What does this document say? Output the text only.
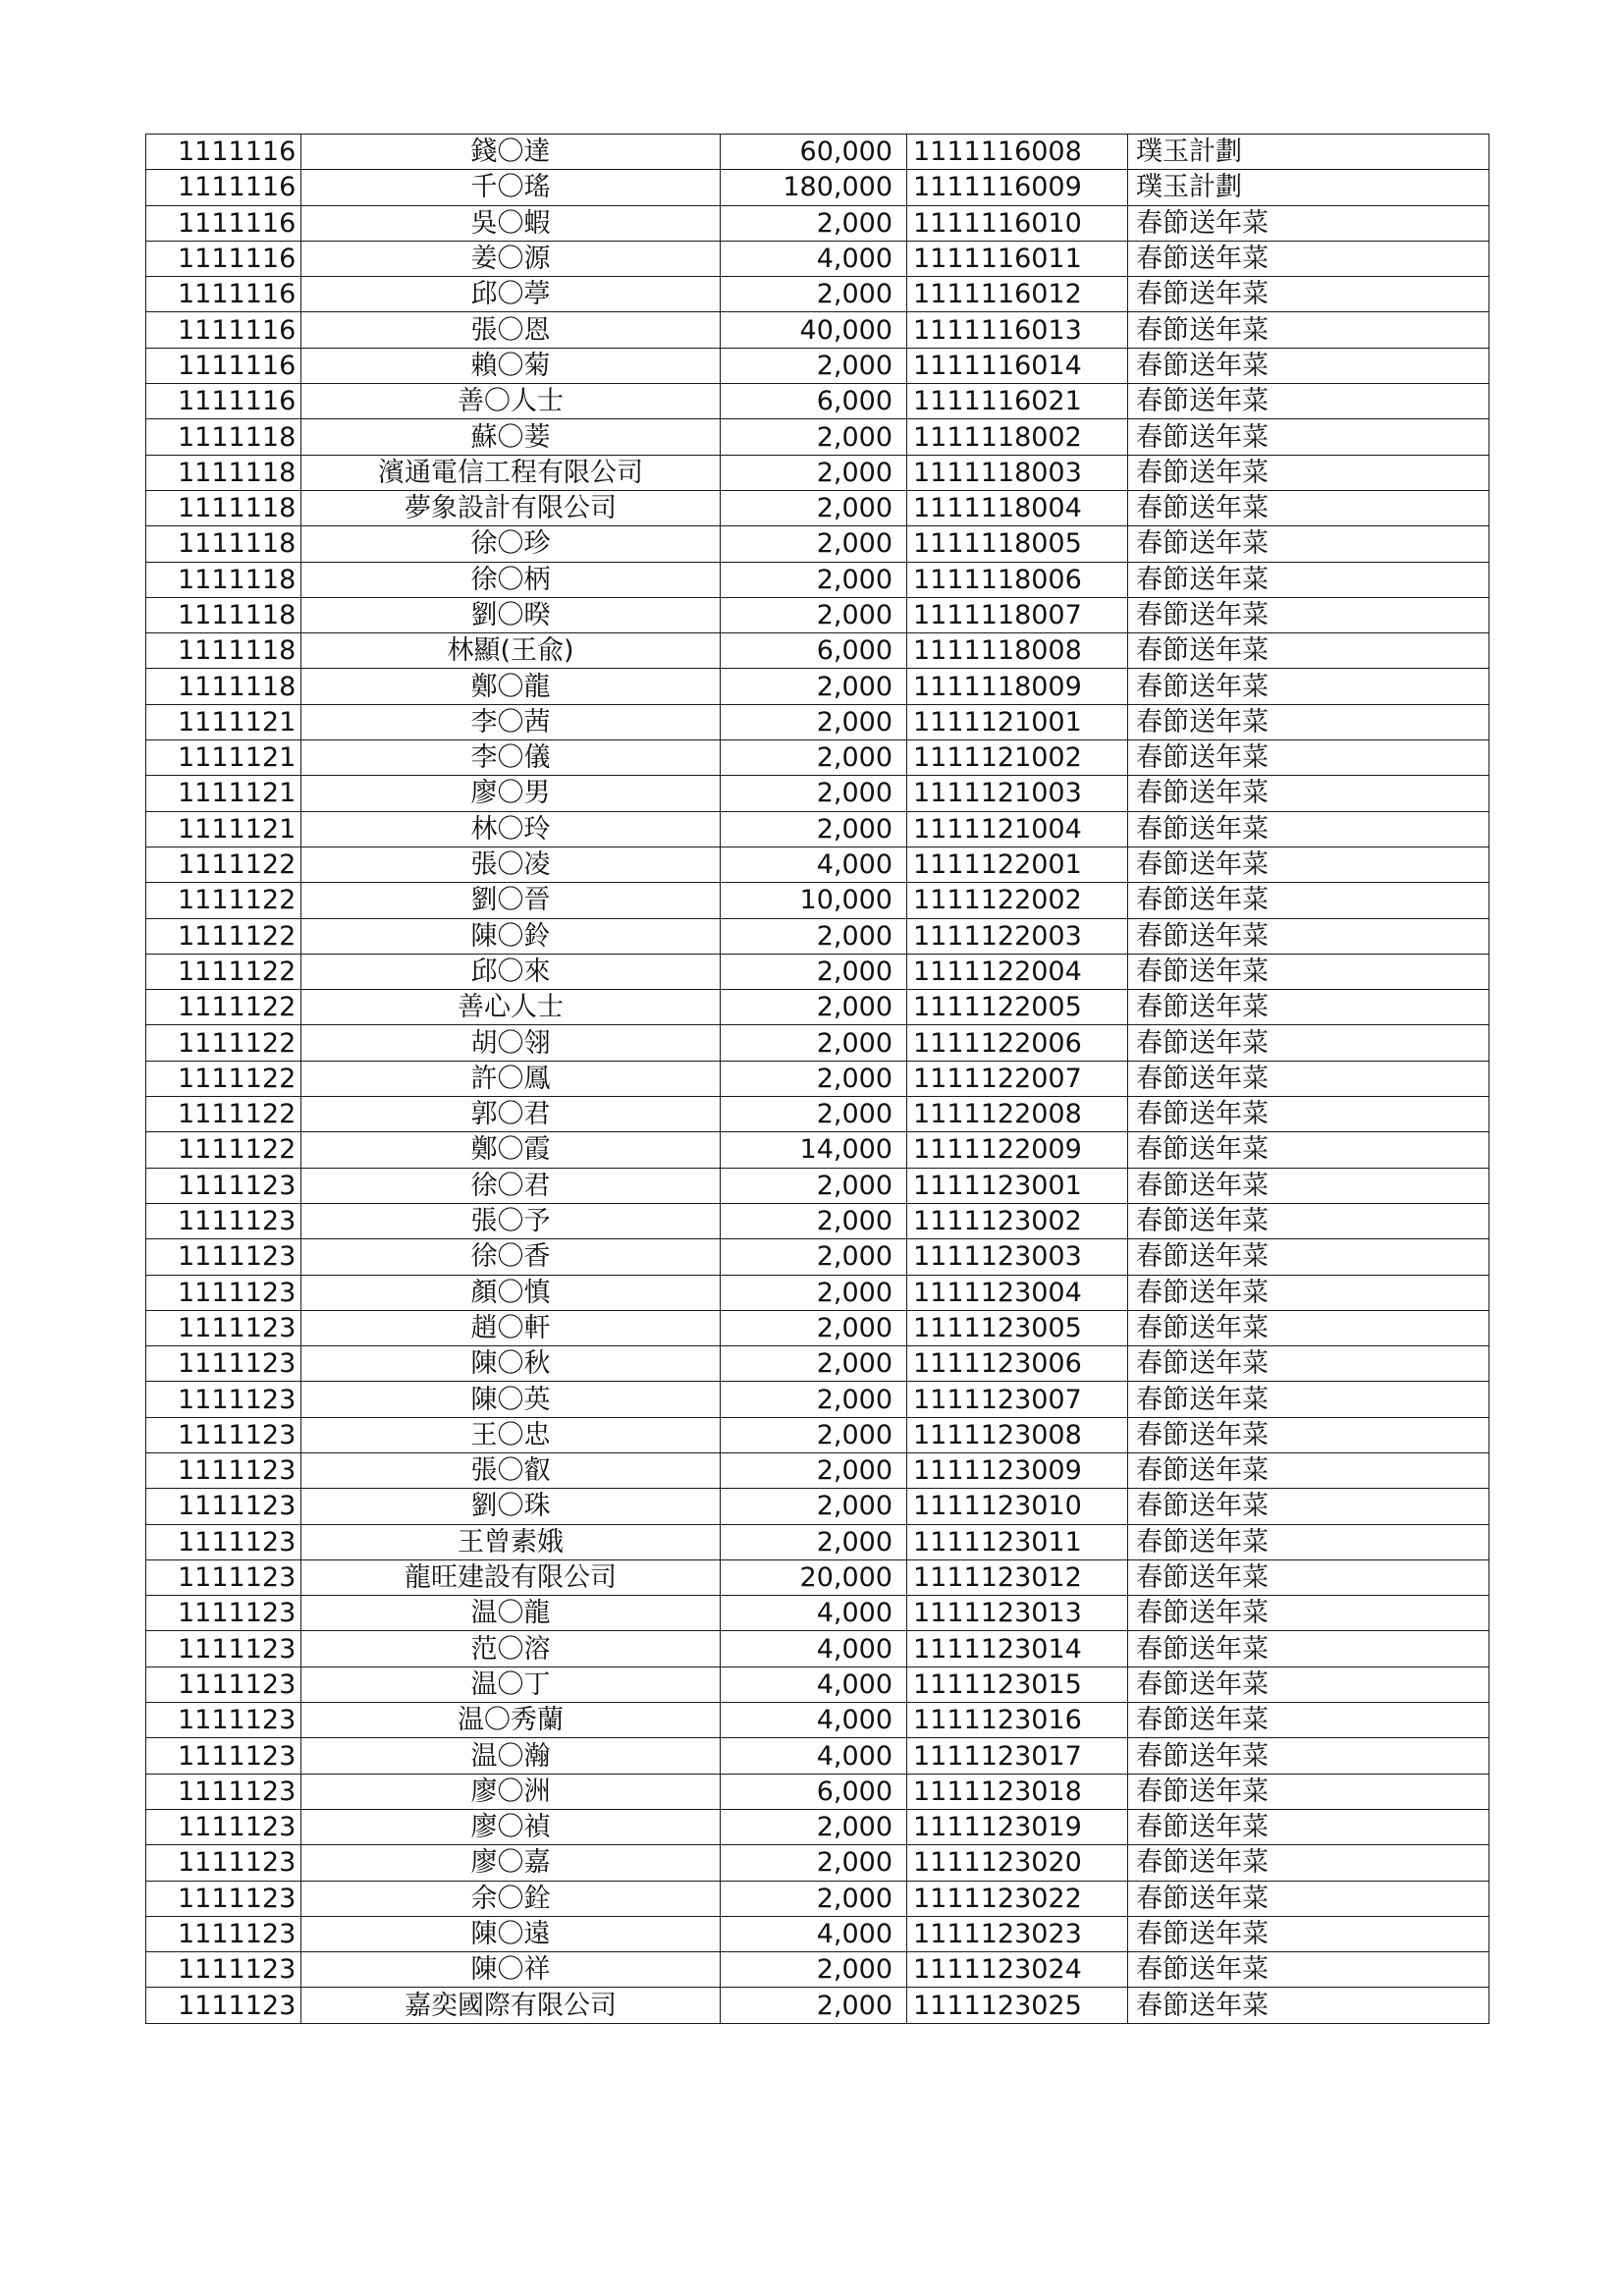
1111116	錢〇達	60,000	1111116008	璞玉計劃
1111116	千〇瑤	180,000	1111116009	璞玉計劃
1111116	吳〇蝦	2,000	1111116010	春節送年菜
1111116	姜〇源	4,000	1111116011	春節送年菜
1111116	邱〇葶	2,000	1111116012	春節送年菜
1111116	張〇恩	40,000	1111116013	春節送年菜
1111116	賴〇菊	2,000	1111116014	春節送年菜
1111116	善〇人士	6,000	1111116021	春節送年菜
1111118	蘇〇菨	2,000	1111118002	春節送年菜
1111118	濱通電信工程有限公司	2,000	1111118003	春節送年菜
1111118	夢象設計有限公司	2,000	1111118004	春節送年菜
1111118	徐〇珍	2,000	1111118005	春節送年菜
1111118	徐〇柄	2,000	1111118006	春節送年菜
1111118	劉〇暌	2,000	1111118007	春節送年菜
1111118	林顯(王兪)	6,000	1111118008	春節送年菜
1111118	鄭〇龍	2,000	1111118009	春節送年菜
1111121	李〇茜	2,000	1111121001	春節送年菜
1111121	李〇儀	2,000	1111121002	春節送年菜
1111121	廖〇男	2,000	1111121003	春節送年菜
1111121	林〇玲	2,000	1111121004	春節送年菜
1111122	張〇凌	4,000	1111122001	春節送年菜
1111122	劉〇晉	10,000	1111122002	春節送年菜
1111122	陳〇鈴	2,000	1111122003	春節送年菜
1111122	邱〇來	2,000	1111122004	春節送年菜
1111122	善心人士	2,000	1111122005	春節送年菜
1111122	胡〇翎	2,000	1111122006	春節送年菜
1111122	許〇鳳	2,000	1111122007	春節送年菜
1111122	郭〇君	2,000	1111122008	春節送年菜
1111122	鄭〇霞	14,000	1111122009	春節送年菜
1111123	徐〇君	2,000	1111123001	春節送年菜
1111123	張〇予	2,000	1111123002	春節送年菜
1111123	徐〇香	2,000	1111123003	春節送年菜
1111123	顏〇慎	2,000	1111123004	春節送年菜
1111123	趙〇軒	2,000	1111123005	春節送年菜
1111123	陳〇秋	2,000	1111123006	春節送年菜
1111123	陳〇英	2,000	1111123007	春節送年菜
1111123	王〇忠	2,000	1111123008	春節送年菜
1111123	張〇叡	2,000	1111123009	春節送年菜
1111123	劉〇珠	2,000	1111123010	春節送年菜
1111123	王曾素娥	2,000	1111123011	春節送年菜
1111123	龍旺建設有限公司	20,000	1111123012	春節送年菜
1111123	温〇龍	4,000	1111123013	春節送年菜
1111123	范〇溶	4,000	1111123014	春節送年菜
1111123	温〇丁	4,000	1111123015	春節送年菜
1111123	温〇秀蘭	4,000	1111123016	春節送年菜
1111123	温〇瀚	4,000	1111123017	春節送年菜
1111123	廖〇洲	6,000	1111123018	春節送年菜
1111123	廖〇禎	2,000	1111123019	春節送年菜
1111123	廖〇嘉	2,000	1111123020	春節送年菜
1111123	余〇銓	2,000	1111123022	春節送年菜
1111123	陳〇遠	4,000	1111123023	春節送年菜
1111123	陳〇祥	2,000	1111123024	春節送年菜
1111123	嘉奕國際有限公司	2,000	1111123025	春節送年菜
